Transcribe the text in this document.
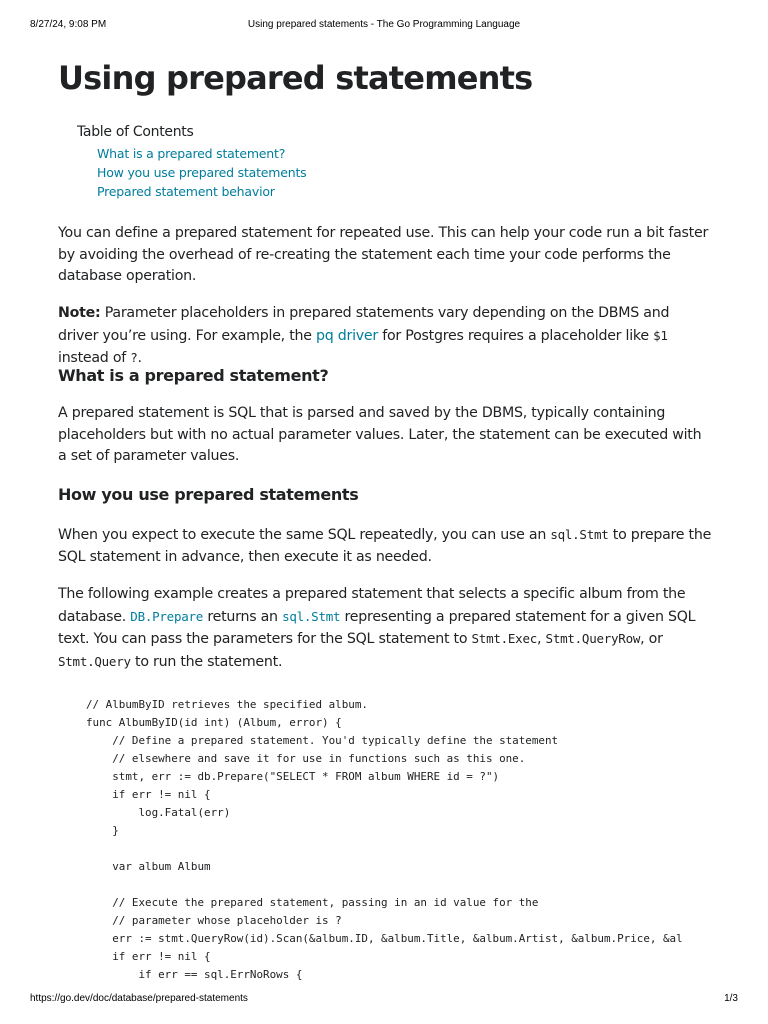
8/27/24, 9:08 PM	Using prepared statements - The Go Programming Language
Using prepared statements
Table of Contents
What is a prepared statement?
How you use prepared statements
Prepared statement behavior

You can define a prepared statement for repeated use. This can help your code run a bit faster by avoiding the overhead of re-creating the statement each time your code performs the database operation.

Note: Parameter placeholders in prepared statements vary depending on the DBMS and driver you’re using. For example, the pq driver for Postgres requires a placeholder like $1 instead of ?.

What is a prepared statement?

A prepared statement is SQL that is parsed and saved by the DBMS, typically containing placeholders but with no actual parameter values. Later, the statement can be executed with a set of parameter values.

How you use prepared statements

When you expect to execute the same SQL repeatedly, you can use an sql.Stmt to prepare the SQL statement in advance, then execute it as needed.

The following example creates a prepared statement that selects a specific album from the database. DB.Prepare returns an sql.Stmt representing a prepared statement for a given SQL text. You can pass the parameters for the SQL statement to Stmt.Exec, Stmt.QueryRow, or Stmt.Query to run the statement.

// AlbumByID retrieves the specified album.
func AlbumByID(id int) (Album, error) {
// Define a prepared statement. You'd typically define the statement
// elsewhere and save it for use in functions such as this one.
stmt, err := db.Prepare("SELECT * FROM album WHERE id = ?")
if err != nil {
log.Fatal(err)
}

var album Album

// Execute the prepared statement, passing in an id value for the
// parameter whose placeholder is ?
err := stmt.QueryRow(id).Scan(&album.ID, &album.Title, &album.Artist, &album.Price, &al
if err != nil {
if err == sql.ErrNoRows {
https://go.dev/doc/database/prepared-statements	1/3
